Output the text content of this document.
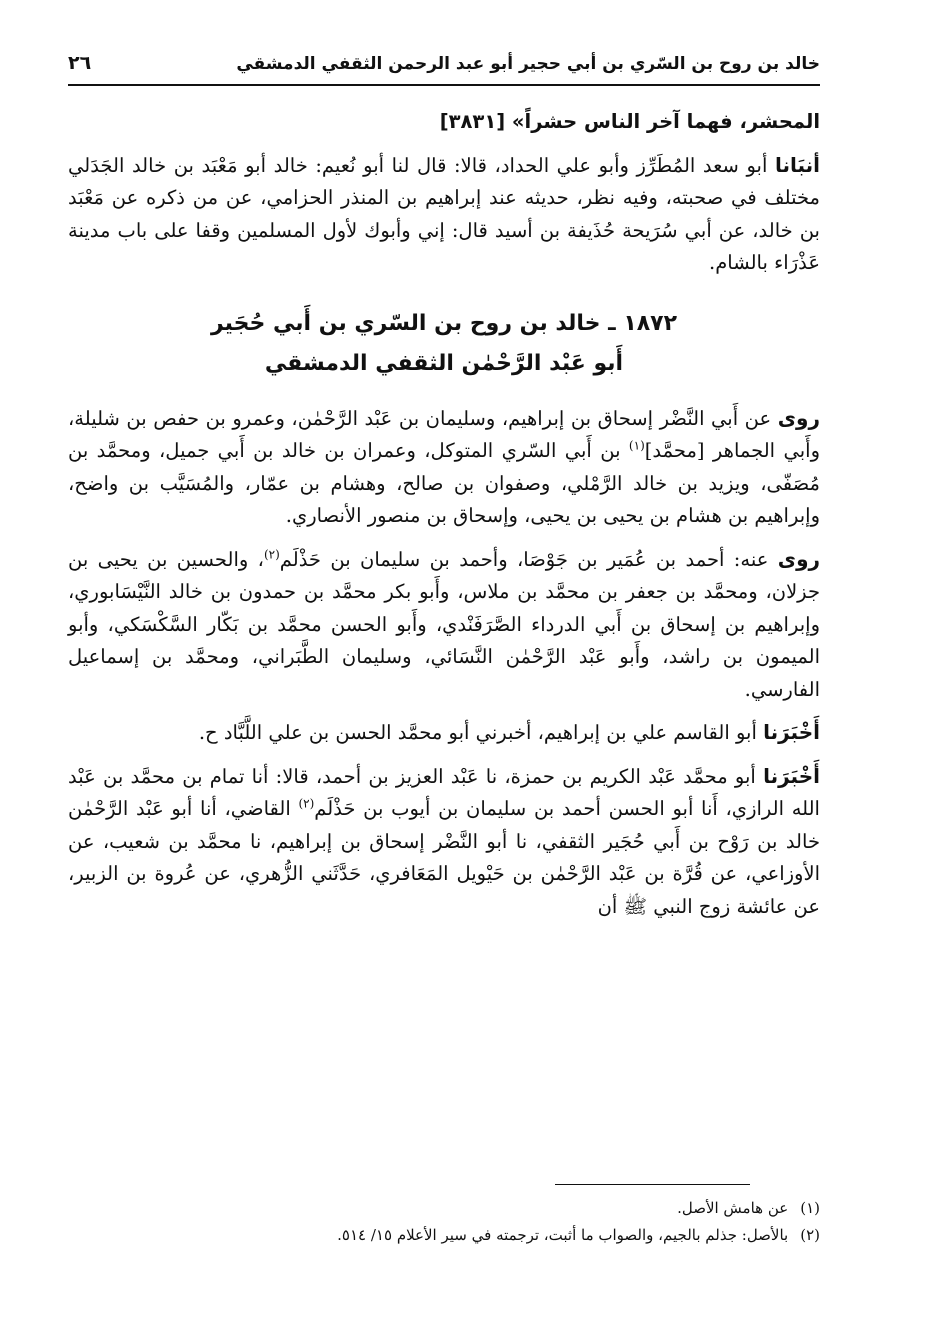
خالد بن روح بن السّري بن أبي حجير أبو عبد الرحمن الثقفي الدمشقي
٢٦

المحشر، فهما آخر الناس حشراً» [٣٨٣١]

أنبَانا أبو سعد المُطَرِّز وأبو علي الحداد، قالا: قال لنا أبو نُعيم: خالد أبو مَعْبَد بن خالد الجَدَلي مختلف في صحبته، وفيه نظر، حديثه عند إبراهيم بن المنذر الحزامي، عن من ذكره عن مَعْبَد بن خالد، عن أبي سُرَيحة حُذَيفة بن أسيد قال: إني وأبوك لأول المسلمين وقفا على باب مدينة عَذْرَاء بالشام.

١٨٧٢ ـ خالد بن روح بن السّري بن أَبي حُجَير
أَبو عَبْد الرَّحْمٰن الثقفي الدمشقي

روى عن أَبي النَّضْر إسحاق بن إبراهيم، وسليمان بن عَبْد الرَّحْمٰن، وعمرو بن حفص بن شليلة، وأَبي الجماهر [محمَّد]$^{(١)}$ بن أَبي السّري المتوكل، وعمران بن خالد بن أَبي جميل، ومحمَّد بن مُصَفّى، ويزيد بن خالد الرَّمْلي، وصفوان بن صالح، وهشام بن عمّار، والمُسَيَّب بن واضح، وإبراهيم بن هشام بن يحيى بن يحيى، وإسحاق بن منصور الأنصاري.

روى عنه: أحمد بن عُمَير بن جَوْصَا، وأحمد بن سليمان بن حَذْلَم$^{(٢)}$، والحسين بن يحيى بن جزلان، ومحمَّد بن جعفر بن محمَّد بن ملاس، وأَبو بكر محمَّد بن حمدون بن خالد النَّيْسَابوري، وإبراهيم بن إسحاق بن أَبي الدرداء الصَّرَفَنْدي، وأَبو الحسن محمَّد بن بَكّار السَّكْسَكي، وأبو الميمون بن راشد، وأَبو عَبْد الرَّحْمٰن النَّسَائي، وسليمان الطَّبَراني، ومحمَّد بن إسماعيل الفارسي.

أَخْبَرَنا أبو القاسم علي بن إبراهيم، أخبرني أبو محمَّد الحسن بن علي اللَّبَّاد ح.

أَخْبَرَنا أبو محمَّد عَبْد الكريم بن حمزة، نا عَبْد العزيز بن أحمد، قالا: أنا تمام بن محمَّد بن عَبْد الله الرازي، أَنا أبو الحسن أحمد بن سليمان بن أيوب بن حَذْلَم$^{(٢)}$ القاضي، أنا أبو عَبْد الرَّحْمٰن خالد بن رَوْح بن أَبي حُجَير الثقفي، نا أبو النَّضْر إسحاق بن إبراهيم، نا محمَّد بن شعيب، عن الأوزاعي، عن قُرَّة بن عَبْد الرَّحْمٰن بن حَيْويل المَعَافري، حَدَّثَني الزُّهري، عن عُروة بن الزبير، عن عائشة زوج النبي ﷺ أن

(١)
عن هامش الأصل.
(٢)
بالأصل: جذلم بالجيم، والصواب ما أثبت، ترجمته في سير الأعلام ١٥/ ٥١٤.
